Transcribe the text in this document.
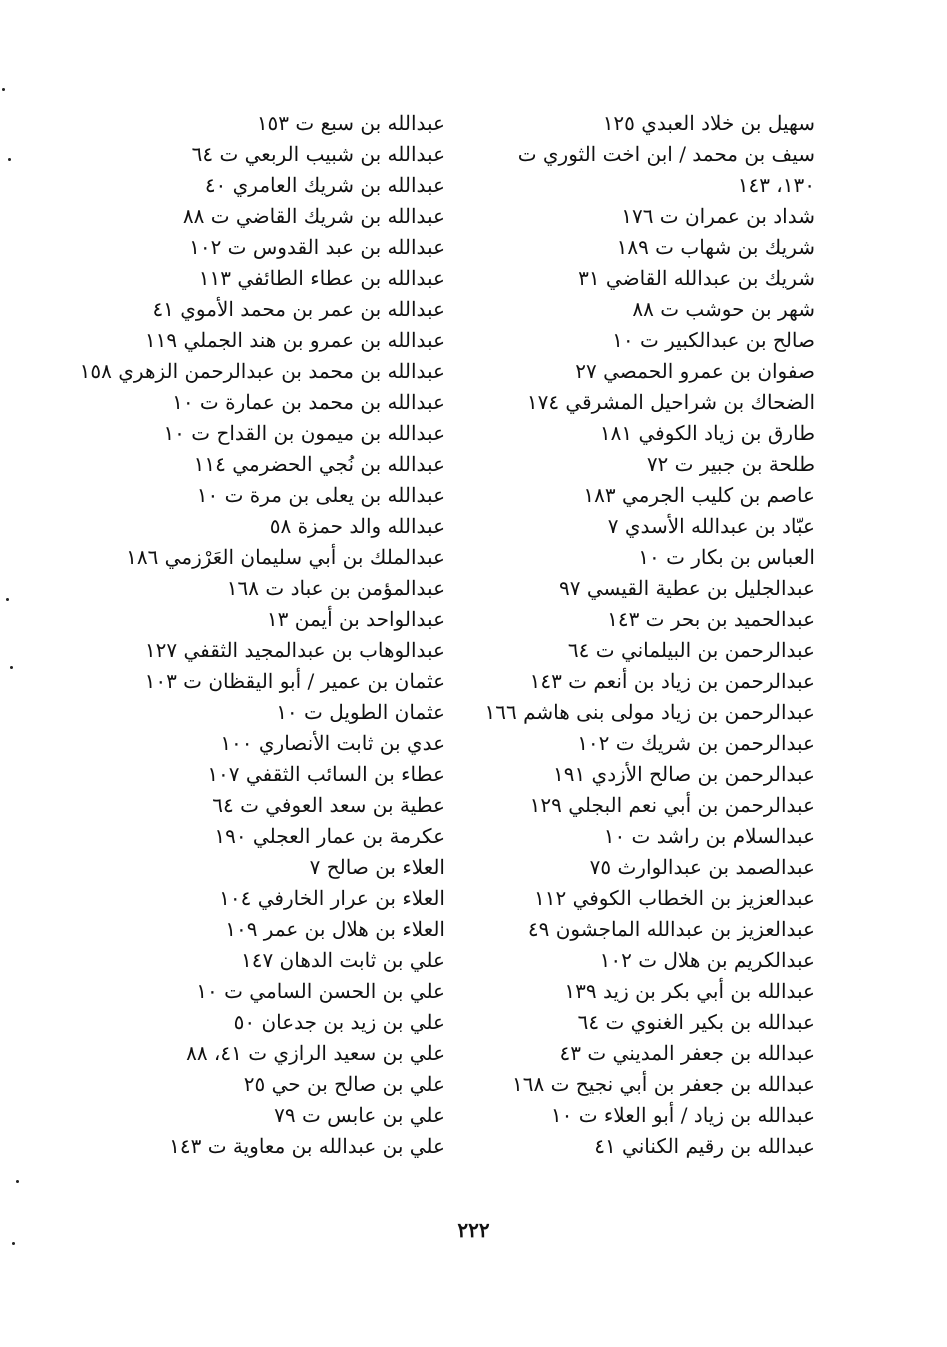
سهيل بن خلاد العبدي ١٢٥
سيف بن محمد / ابن اخت الثوري ت
١٣٠، ١٤٣
شداد بن عمران ت ١٧٦
شريك بن شهاب ت ١٨٩
شريك بن عبدالله القاضي ٣١
شهر بن حوشب ت ٨٨
صالح بن عبدالكبير ت ١٠
صفوان بن عمرو الحمصي ٢٧
الضحاك بن شراحيل المشرقي ١٧٤
طارق بن زياد الكوفي ١٨١
طلحة بن جبير ت ٧٢
عاصم بن كليب الجرمي ١٨٣
عبّاد بن عبدالله الأسدي ٧
العباس بن بكار ت ١٠
عبدالجليل بن عطية القيسي ٩٧
عبدالحميد بن بحر ت ١٤٣
عبدالرحمن بن البيلماني ت ٦٤
عبدالرحمن بن زياد بن أنعم ت ١٤٣
عبدالرحمن بن زياد مولى بنى هاشم ١٦٦
عبدالرحمن بن شريك ت ١٠٢
عبدالرحمن بن صالح الأزدي ١٩١
عبدالرحمن بن أبي نعم البجلي ١٢٩
عبدالسلام بن راشد ت ١٠
عبدالصمد بن عبدالوارث ٧٥
عبدالعزيز بن الخطاب الكوفي ١١٢
عبدالعزيز بن عبدالله الماجشون ٤٩
عبدالكريم بن هلال ت ١٠٢
عبدالله بن أبي بكر بن زيد ١٣٩
عبدالله بن بكير الغنوي ت ٦٤
عبدالله بن جعفر المديني ت ٤٣
عبدالله بن جعفر بن أبي نجيح ت ١٦٨
عبدالله بن زياد / أبو العلاء ت ١٠
عبدالله بن رقيم الكناني ٤١
عبدالله بن سبع ت ١٥٣
عبدالله بن شبيب الربعي ت ٦٤
عبدالله بن شريك العامري ٤٠
عبدالله بن شريك القاضي ت ٨٨
عبدالله بن عبد القدوس ت ١٠٢
عبدالله بن عطاء الطائفي ١١٣
عبدالله بن عمر بن محمد الأموي ٤١
عبدالله بن عمرو بن هند الجملي ١١٩
عبدالله بن محمد بن عبدالرحمن الزهري ١٥٨
عبدالله بن محمد بن عمارة ت ١٠
عبدالله بن ميمون بن القداح ت ١٠
عبدالله بن نُجي الحضرمي ١١٤
عبدالله بن يعلى بن مرة ت ١٠
عبدالله والد حمزة ٥٨
عبدالملك بن أبي سليمان العَرْزمي ١٨٦
عبدالمؤمن بن عباد ت ١٦٨
عبدالواحد بن أيمن ١٣
عبدالوهاب بن عبدالمجيد الثقفي ١٢٧
عثمان بن عمير / أبو اليقظان ت ١٠٣
عثمان الطويل ت ١٠
عدي بن ثابت الأنصاري ١٠٠
عطاء بن السائب الثقفي ١٠٧
عطية بن سعد العوفي ت ٦٤
عكرمة بن عمار العجلي ١٩٠
العلاء بن صالح ٧
العلاء بن عرار الخارفي ١٠٤
العلاء بن هلال بن عمر ١٠٩
علي بن ثابت الدهان ١٤٧
علي بن الحسن السامي ت ١٠
علي بن زيد بن جدعان ٥٠
علي بن سعيد الرازي ت ٤١، ٨٨
علي بن صالح بن حي ٢٥
علي بن عابس ت ٧٩
علي بن عبدالله بن معاوية ت ١٤٣
٢٢٢
